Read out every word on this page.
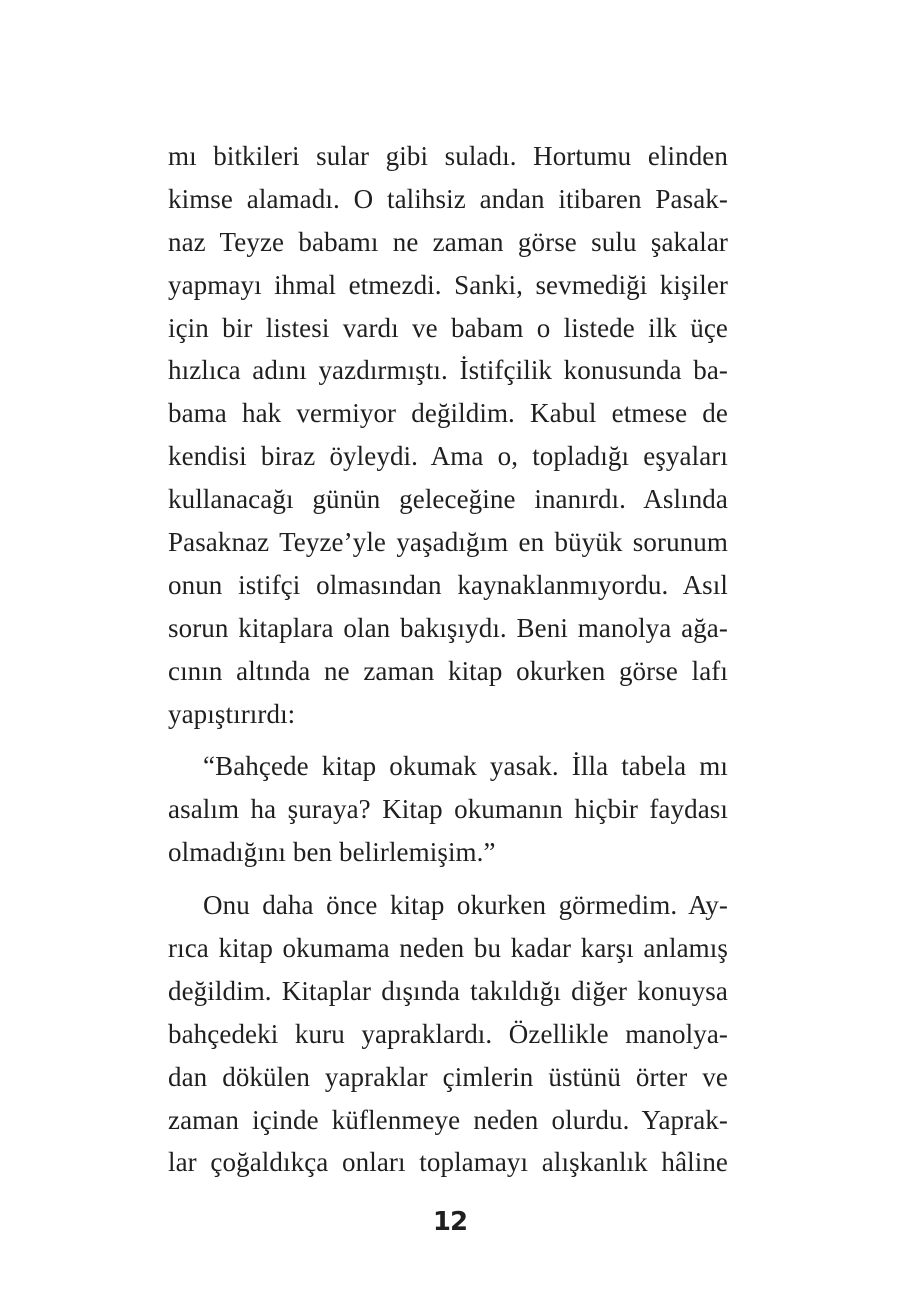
mı bitkileri sular gibi suladı. Hortumu elinden
kimse alamadı. O talihsiz andan itibaren Pasak-
naz Teyze babamı ne zaman görse sulu şakalar
yapmayı ihmal etmezdi. Sanki, sevmediği kişiler
için bir listesi vardı ve babam o listede ilk üçe
hızlıca adını yazdırmıştı. İstifçilik konusunda ba-
bama hak vermiyor değildim. Kabul etmese de
kendisi biraz öyleydi. Ama o, topladığı eşyaları
kullanacağı günün geleceğine inanırdı. Aslında
Pasaknaz Teyze’yle yaşadığım en büyük sorunum
onun istifçi olmasından kaynaklanmıyordu. Asıl
sorun kitaplara olan bakışıydı. Beni manolya ağa-
cının altında ne zaman kitap okurken görse lafı
yapıştırırdı:
“Bahçede kitap okumak yasak. İlla tabela mı
asalım ha şuraya? Kitap okumanın hiçbir faydası
olmadığını ben belirlemişim.”
Onu daha önce kitap okurken görmedim. Ay-
rıca kitap okumama neden bu kadar karşı anlamış
değildim. Kitaplar dışında takıldığı diğer konuysa
bahçedeki kuru yapraklardı. Özellikle manolya-
dan dökülen yapraklar çimlerin üstünü örter ve
zaman içinde küflenmeye neden olurdu. Yaprak-
lar çoğaldıkça onları toplamayı alışkanlık hâline
12
